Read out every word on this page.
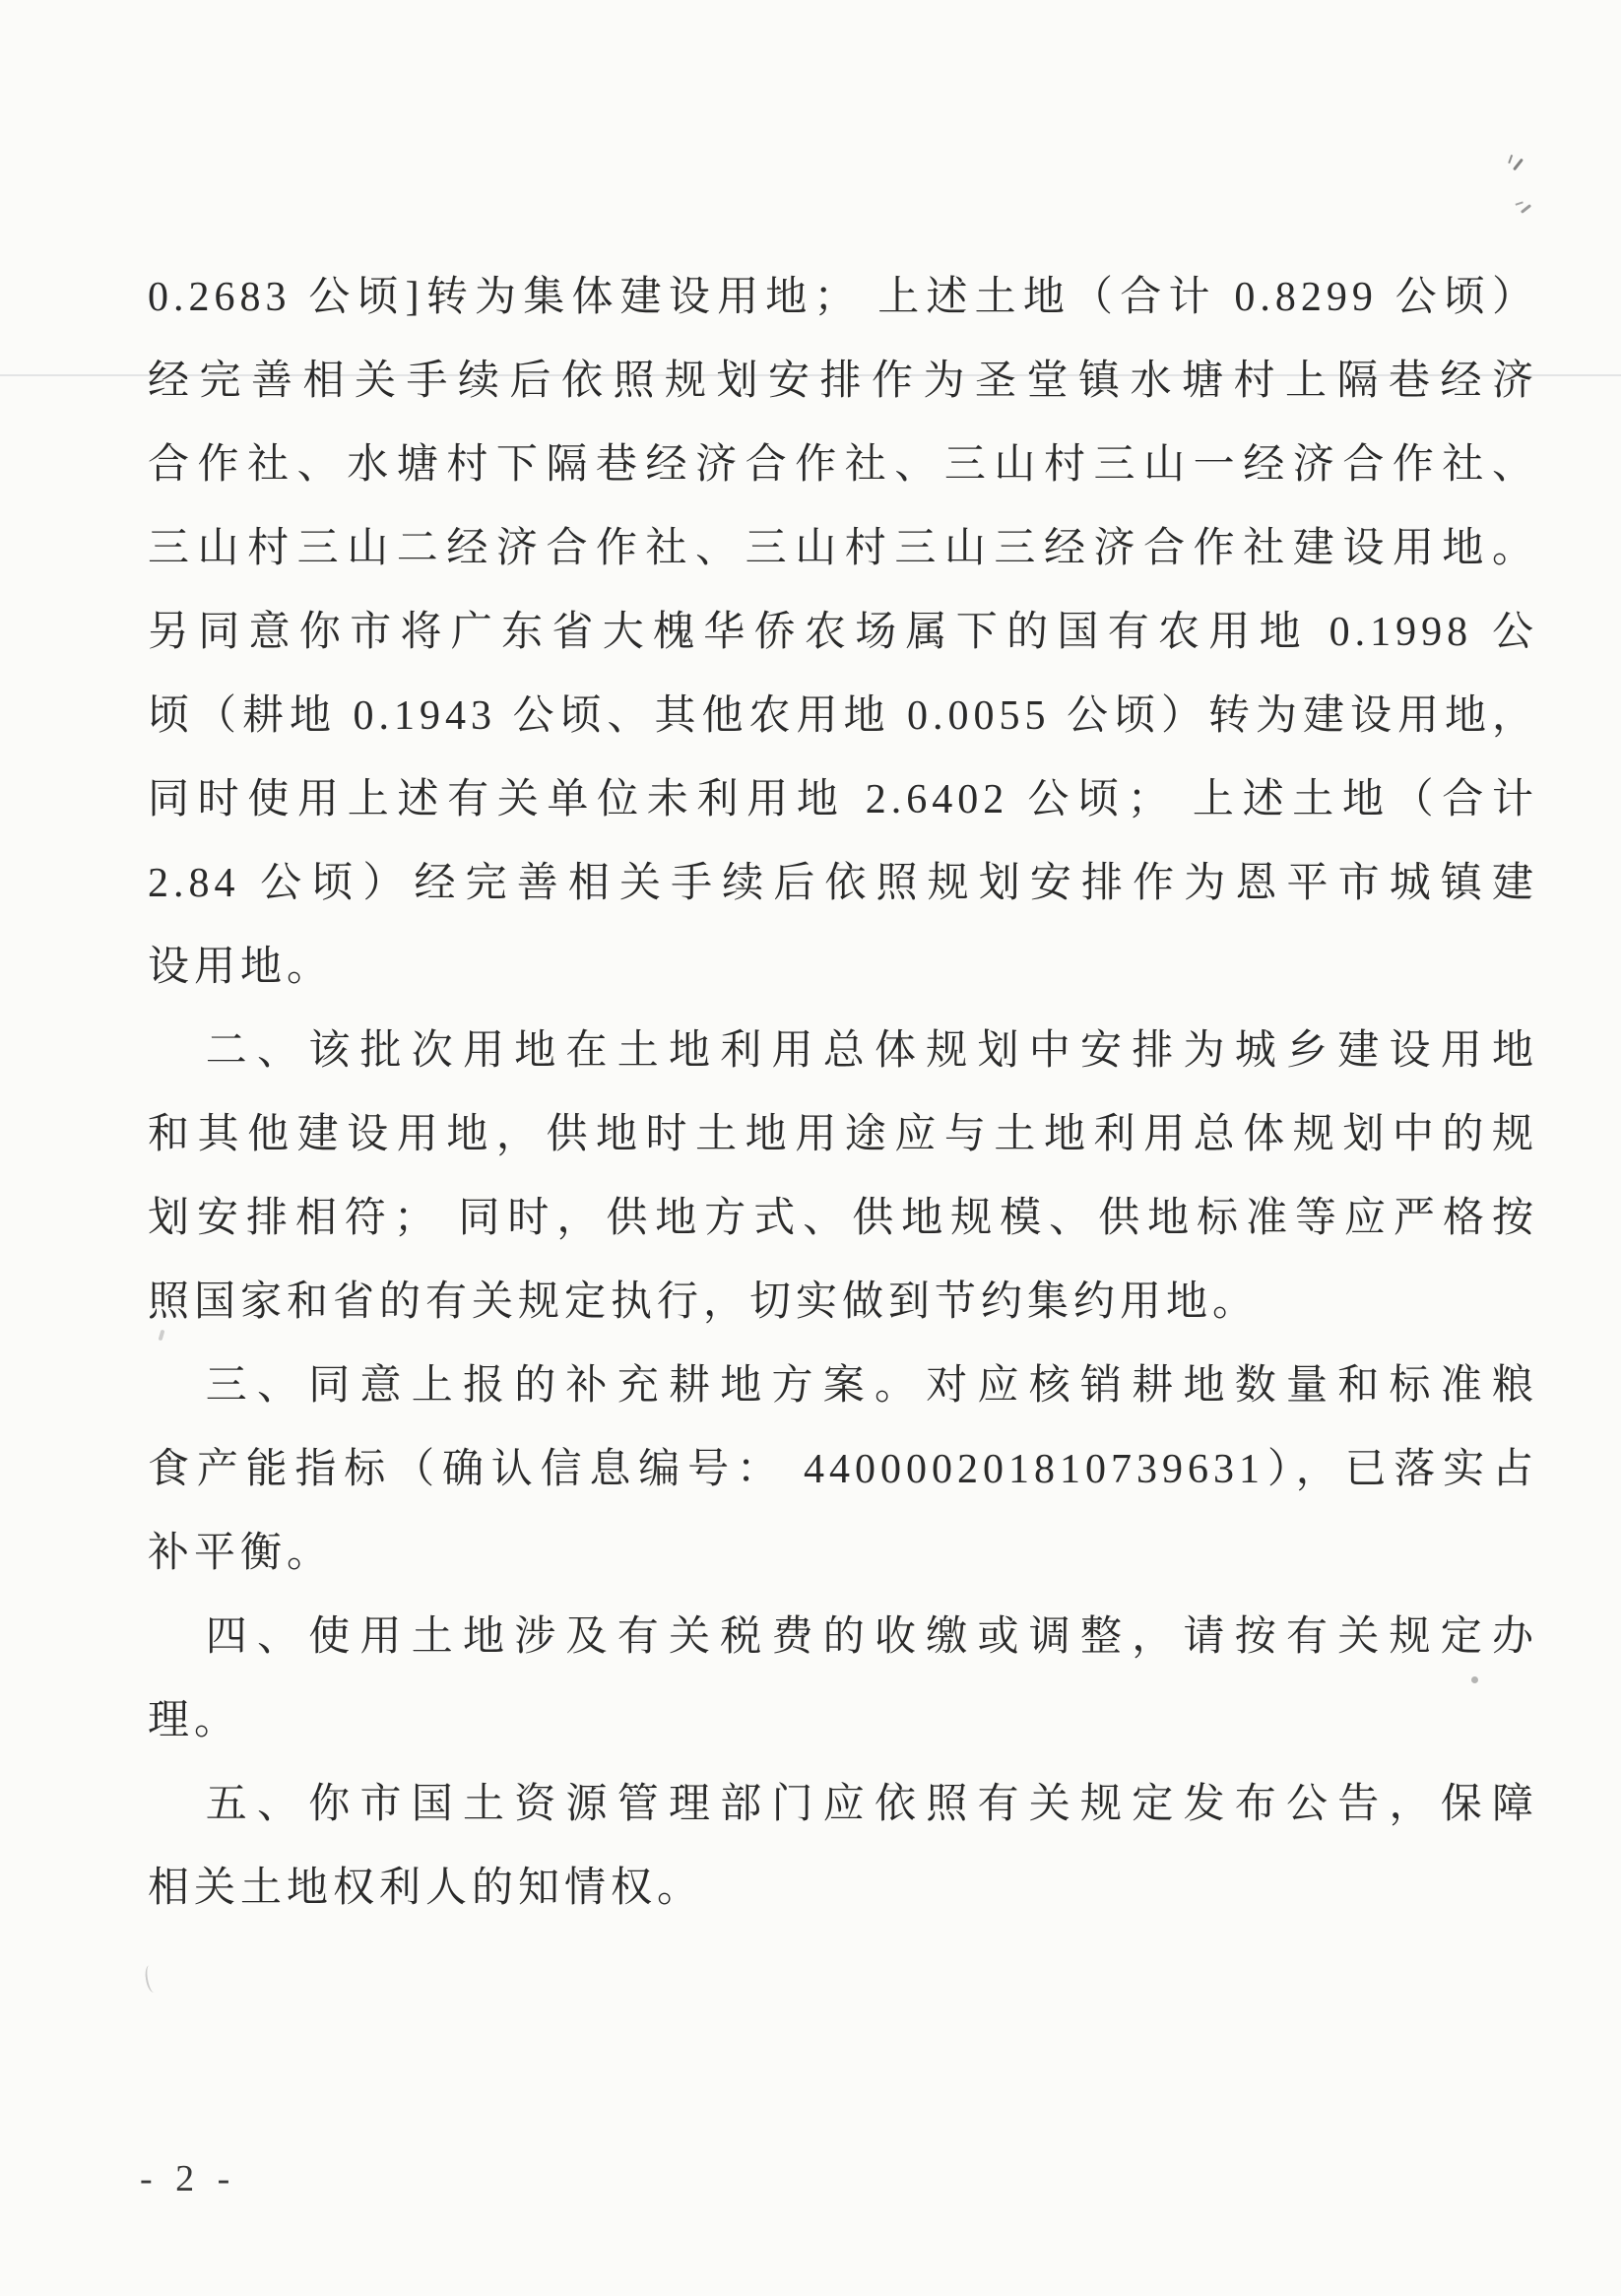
0.2683 公顷]转为集体建设用地； 上述土地（合计 0.8299 公顷）
经完善相关手续后依照规划安排作为圣堂镇水塘村上隔巷经济
合作社、水塘村下隔巷经济合作社、三山村三山一经济合作社、
三山村三山二经济合作社、三山村三山三经济合作社建设用地。
另同意你市将广东省大槐华侨农场属下的国有农用地 0.1998 公
顷（耕地 0.1943 公顷、其他农用地 0.0055 公顷）转为建设用地，
同时使用上述有关单位未利用地 2.6402 公顷； 上述土地（合计
2.84 公顷）经完善相关手续后依照规划安排作为恩平市城镇建
设用地。
二、该批次用地在土地利用总体规划中安排为城乡建设用地
和其他建设用地，供地时土地用途应与土地利用总体规划中的规
划安排相符； 同时，供地方式、供地规模、供地标准等应严格按
照国家和省的有关规定执行，切实做到节约集约用地。
三、同意上报的补充耕地方案。对应核销耕地数量和标准粮
食产能指标（确认信息编号： 440000201810739631），已落实占
补平衡。
四、使用土地涉及有关税费的收缴或调整，请按有关规定办
理。
五、你市国土资源管理部门应依照有关规定发布公告，保障
相关土地权利人的知情权。
- 2 -
